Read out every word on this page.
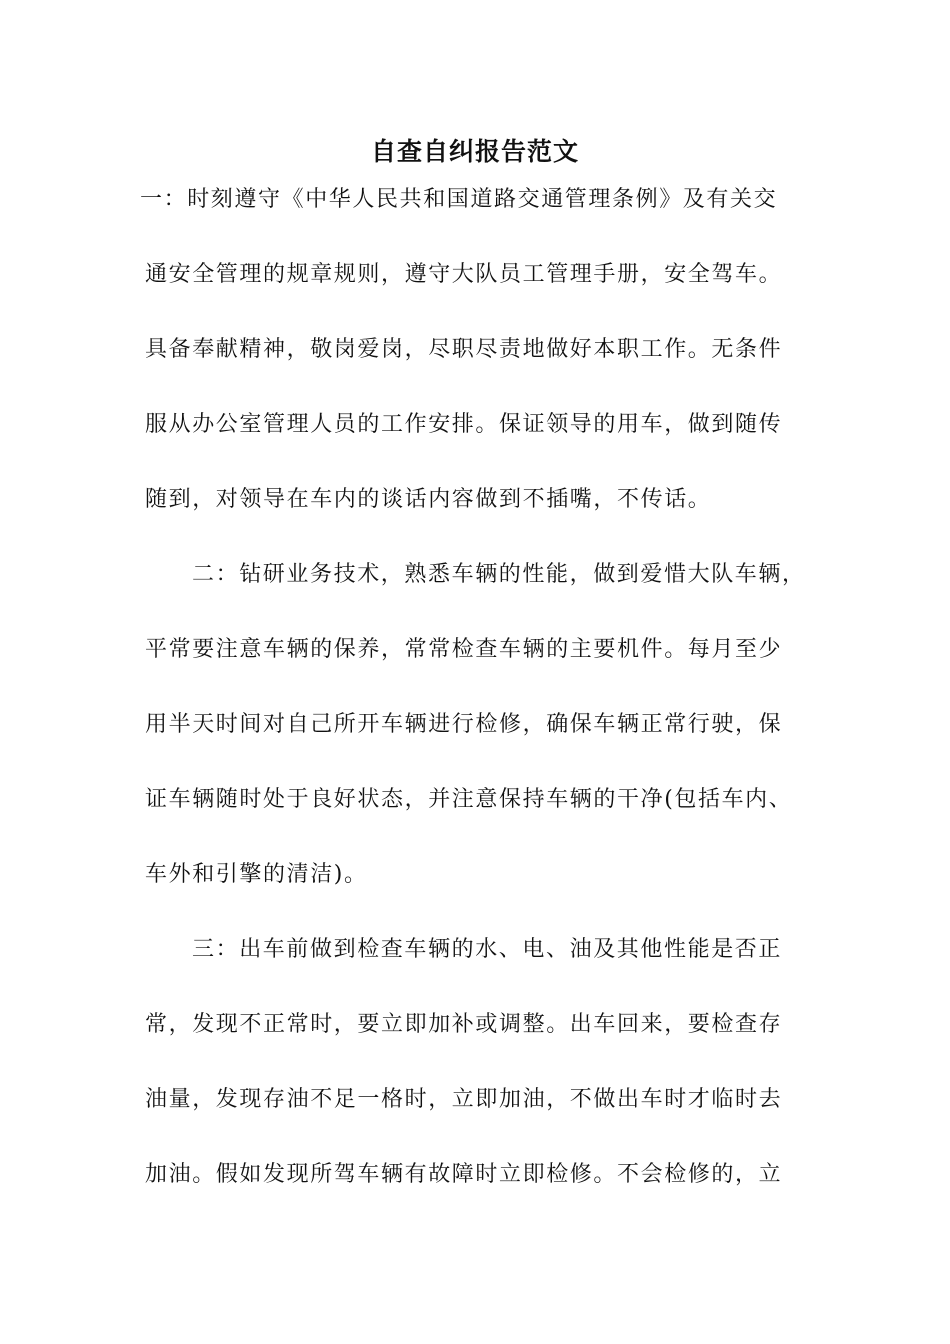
自查自纠报告范文
一：时刻遵守《中华人民共和国道路交通管理条例》及有关交
通安全管理的规章规则，遵守大队员工管理手册，安全驾车。
具备奉献精神，敬岗爱岗，尽职尽责地做好本职工作。无条件
服从办公室管理人员的工作安排。保证领导的用车，做到随传
随到，对领导在车内的谈话内容做到不插嘴，不传话。
二：钻研业务技术，熟悉车辆的性能，做到爱惜大队车辆，
平常要注意车辆的保养，常常检查车辆的主要机件。每月至少
用半天时间对自己所开车辆进行检修，确保车辆正常行驶，保
证车辆随时处于良好状态，并注意保持车辆的干净(包括车内、
车外和引擎的清洁)。
三：出车前做到检查车辆的水、电、油及其他性能是否正
常，发现不正常时，要立即加补或调整。出车回来，要检查存
油量，发现存油不足一格时，立即加油，不做出车时才临时去
加油。假如发现所驾车辆有故障时立即检修。不会检修的，立
